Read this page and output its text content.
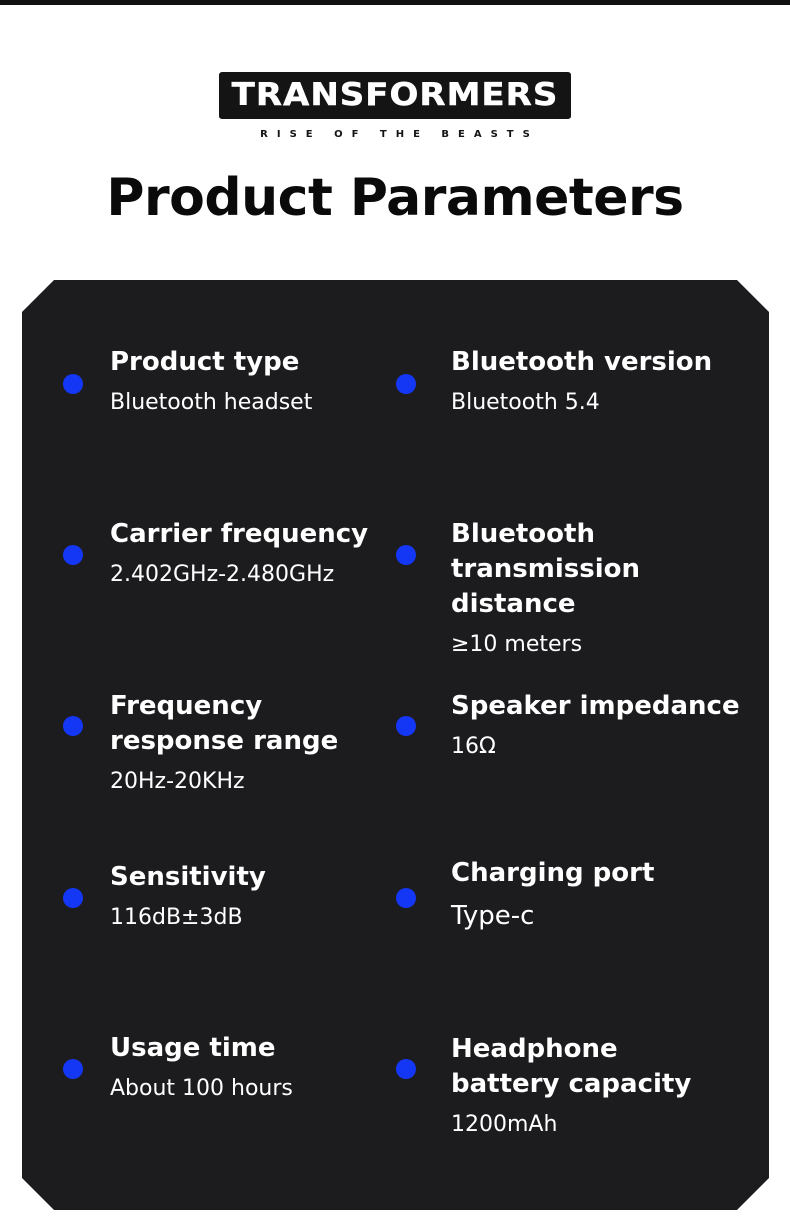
TRANSFORMERS
RISE OF THE BEASTS
Product Parameters

Product type

Bluetooth headset

Bluetooth version

Bluetooth 5.4

Carrier frequency

2.402GHz-2.480GHz

Bluetooth transmission distance

≥10 meters

Frequency response range

20Hz-20KHz

Speaker impedance

16Ω

Sensitivity

116dB±3dB

Charging port

Type-c

Usage time

About 100 hours

Headphone battery capacity

1200mAh
